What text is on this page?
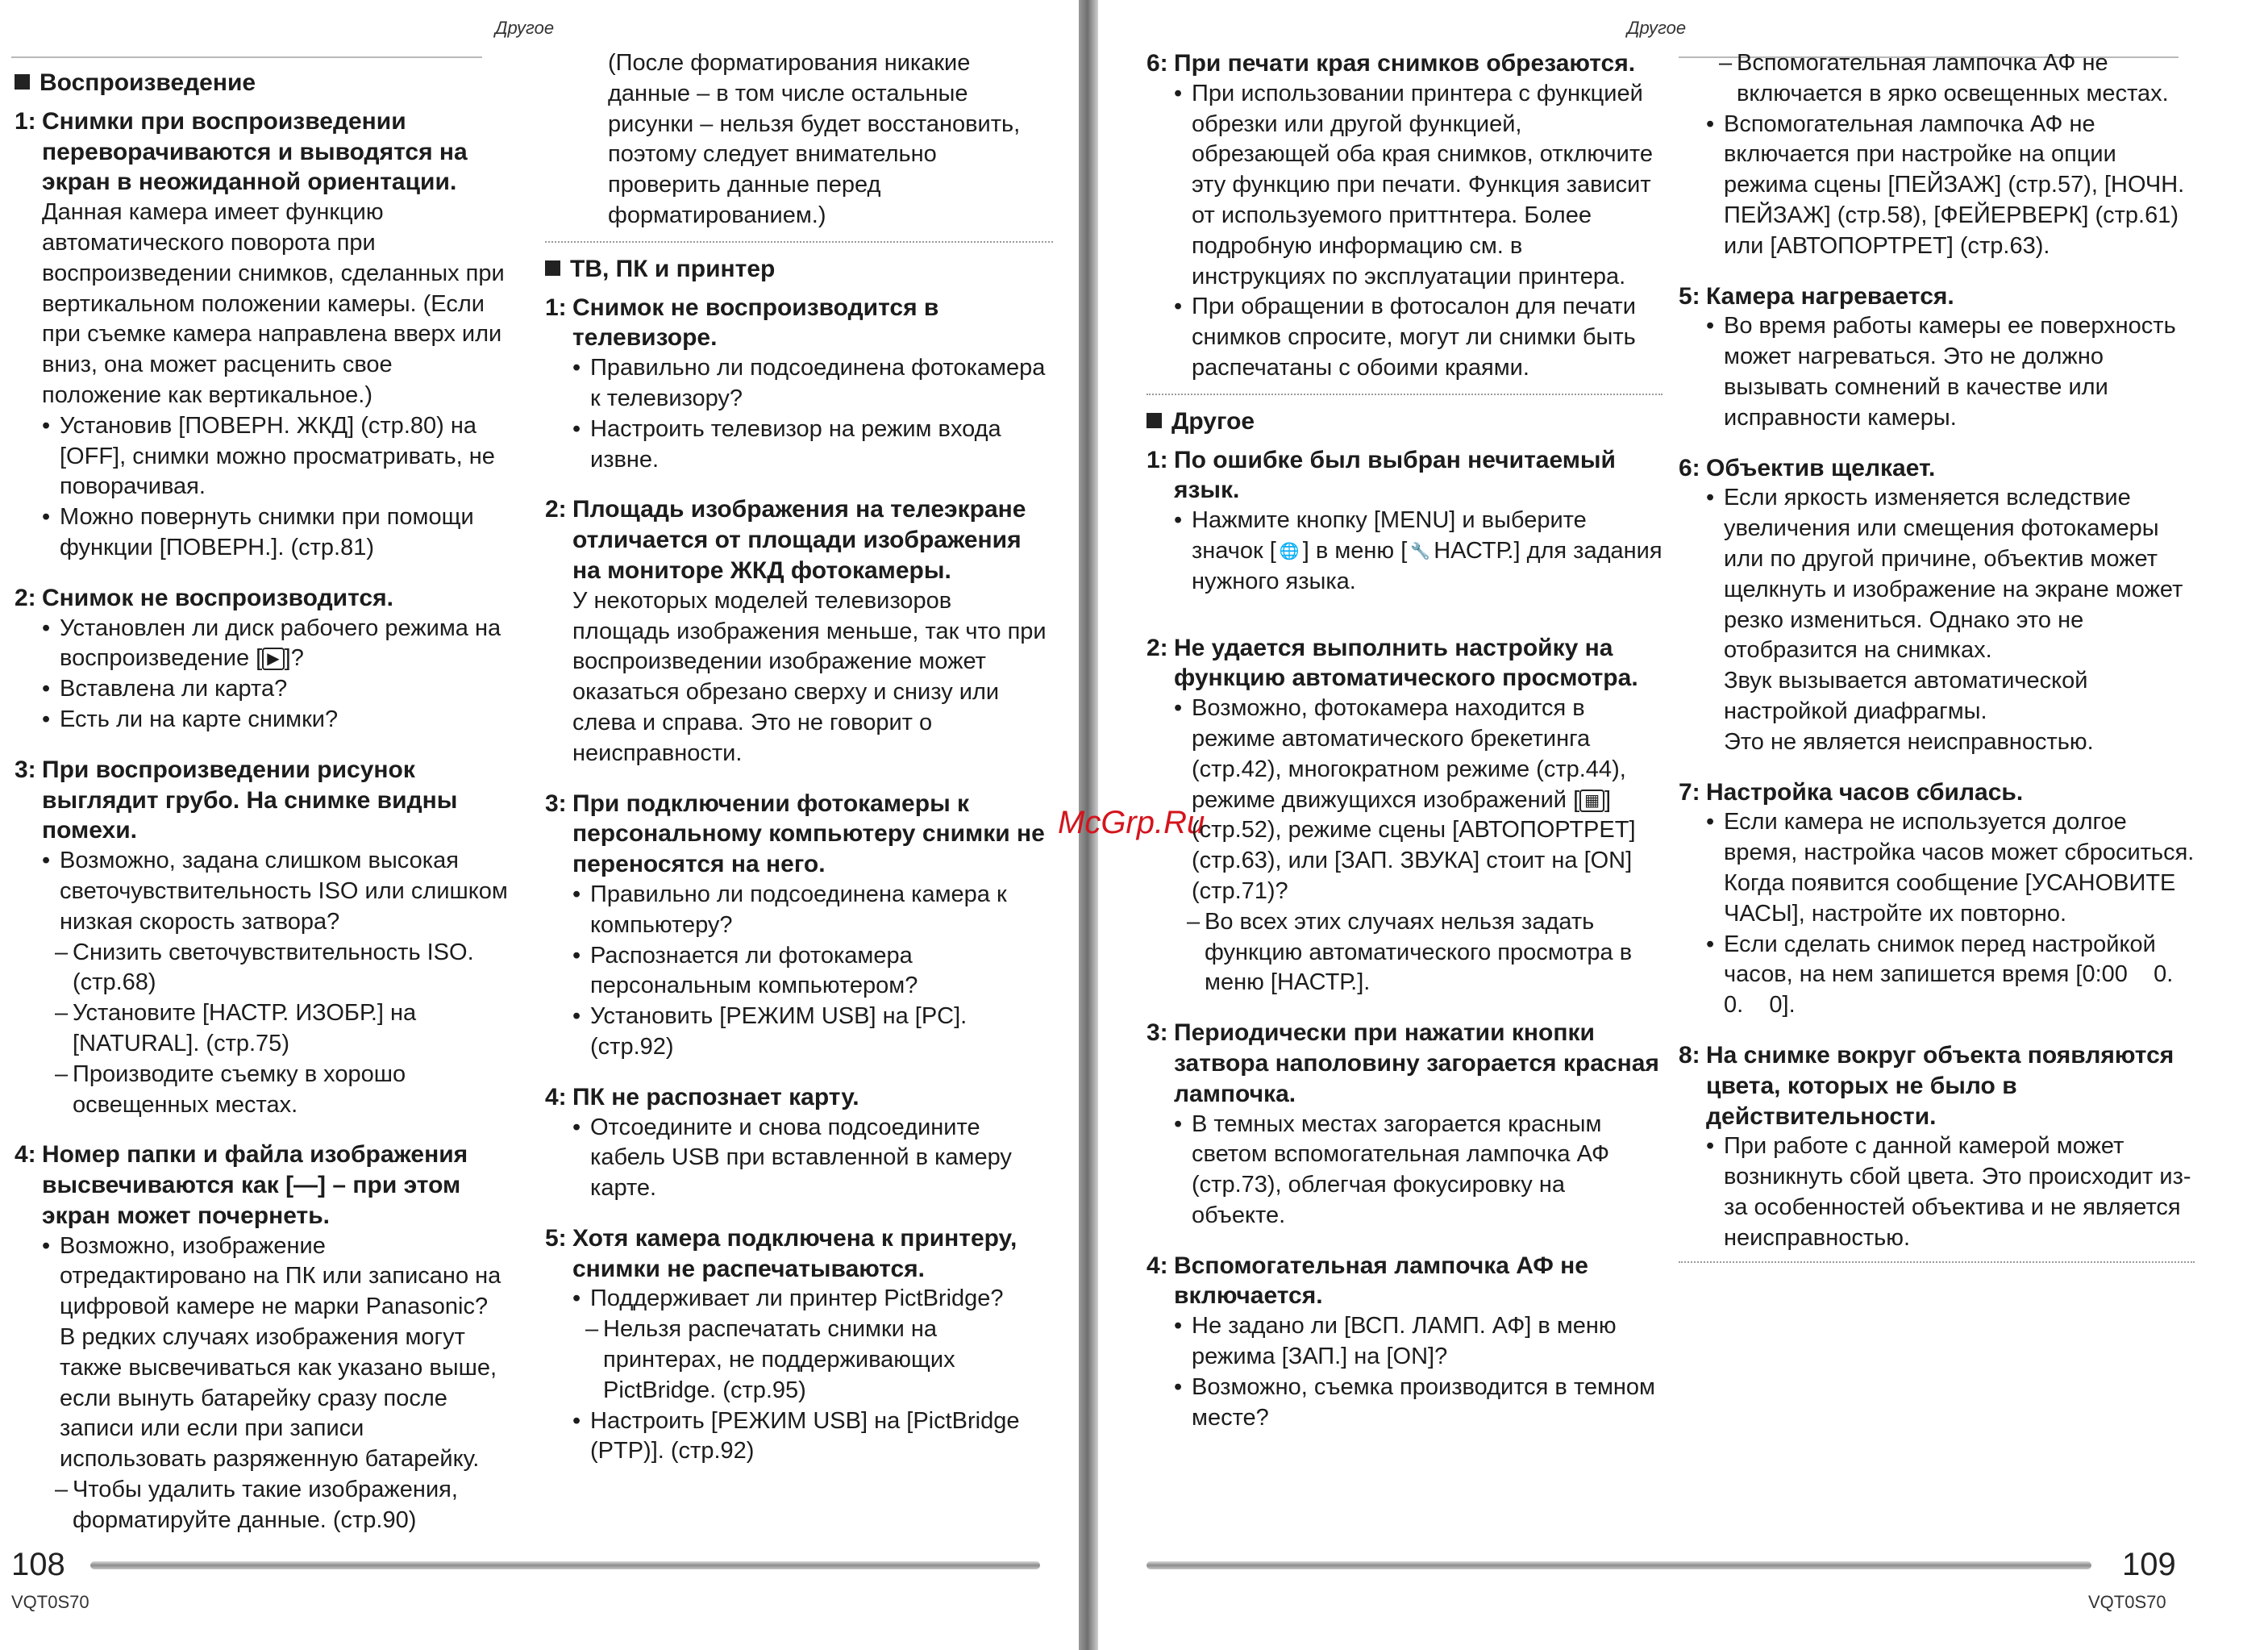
Другое	Другое
McGrp.Ru
Воспроизведение
1: Снимки при воспроизведении переворачиваются и выводятся на экран в неожиданной ориентации.
Данная камера имеет функцию автоматического поворота при воспроизведении снимков, сделанных при вертикальном положении камеры. (Если при съемке камера направлена вверх или вниз, она может расценить свое положение как вертикальное.)
• Установив [ПОВЕРН. ЖКД] (стр.80) на [OFF], снимки можно просматривать, не поворачивая.
• Можно повернуть снимки при помощи функции [ПОВЕРН.]. (стр.81)
2: Снимок не воспроизводится.
• Установлен ли диск рабочего режима на воспроизведение [ ▶ ]?
• Вставлена ли карта?
• Есть ли на карте снимки?
3: При воспроизведении рисунок выглядит грубо. На снимке видны помехи.
• Возможно, задана слишком высокая светочувствительность ISO или слишком низкая скорость затвора?
– Снизить светочувствительность ISO. (стр.68)
– Установите [НАСТР. ИЗОБР.] на [NATURAL]. (стр.75)
– Производите съемку в хорошо освещенных местах.
4: Номер папки и файла изображения высвечиваются как [—] – при этом экран может почернеть.
• Возможно, изображение отредактировано на ПК или записано на цифровой камере не марки Panasonic?
В редких случаях изображения могут также высвечиваться как указано выше, если вынуть батарейку сразу после записи или если при записи использовать разряженную батарейку.
– Чтобы удалить такие изображения, форматируйте данные. (стр.90)
(После форматирования никакие данные – в том числе остальные рисунки – нельзя будет восстановить, поэтому следует внимательно проверить данные перед форматированием.)
ТВ, ПК и принтер
1: Снимок не воспроизводится в телевизоре.
• Правильно ли подсоединена фотокамера к телевизору?
• Настроить телевизор на режим входа извне.
2: Площадь изображения на телеэкране отличается от площади изображения на мониторе ЖКД фотокамеры.
У некоторых моделей телевизоров площадь изображения меньше, так что при воспроизведении изображение может оказаться обрезано сверху и снизу или слева и справа. Это не говорит о неисправности.
3: При подключении фотокамеры к персональному компьютеру снимки не переносятся на него.
• Правильно ли подсоединена камера к компьютеру?
• Распознается ли фотокамера персональным компьютером?
• Установить [РЕЖИМ USB] на [PC]. (стр.92)
4: ПК не распознает карту.
• Отсоедините и снова подсоедините кабель USB при вставленной в камеру карте.
5: Хотя камера подключена к принтеру, снимки не распечатываются.
• Поддерживает ли принтер PictBridge?
– Нельзя распечатать снимки на принтерах, не поддерживающих PictBridge. (стр.95)
• Настроить [РЕЖИМ USB] на [PictBridge (PTP)]. (стр.92)
6: При печати края снимков обрезаются.
• При использовании принтера с функцией обрезки или другой функцией, обрезающей оба края снимков, отключите эту функцию при печати. Функция зависит от используемого приттнтера. Более подробную информацию см. в инструкциях по эксплуатации принтера.
• При обращении в фотосалон для печати снимков спросите, могут ли снимки быть распечатаны с обоими краями.
Другое
1: По ошибке был выбран нечитаемый язык.
• Нажмите кнопку [MENU] и выберите значок [ 🌐 ] в меню [ 🔧 НАСТР.] для задания нужного языка.
2: Не удается выполнить настройку на функцию автоматического просмотра.
• Возможно, фотокамера находится в режиме автоматического брекетинга (стр.42), многократном режиме (стр.44), режиме движущихся изображений [ ▦ ] (стр.52), режиме сцены [АВТОПОРТРЕТ] (стр.63), или [ЗАП. ЗВУКА] стоит на [ON] (стр.71)?
– Во всех этих случаях нельзя задать функцию автоматического просмотра в меню [НАСТР.].
3: Периодически при нажатии кнопки затвора наполовину загорается красная лампочка.
• В темных местах загорается красным светом вспомогательная лампочка АФ (стр.73), облегчая фокусировку на объекте.
4: Вспомогательная лампочка АФ не включается.
• Не задано ли [ВСП. ЛАМП. АФ] в меню режима [ЗАП.] на [ON]?
• Возможно, съемка производится в темном месте?
– Вспомогательная лампочка АФ не включается в ярко освещенных местах.
• Вспомогательная лампочка АФ не включается при настройке на опции режима сцены [ПЕЙЗАЖ] (стр.57), [НОЧН. ПЕЙЗАЖ] (стр.58), [ФЕЙЕРВЕРК] (стр.61) или [АВТОПОРТРЕТ] (стр.63).
5: Камера нагревается.
• Во время работы камеры ее поверхность может нагреваться. Это не должно вызывать сомнений в качестве или исправности камеры.
6: Объектив щелкает.
• Если яркость изменяется вследствие увеличения или смещения фотокамеры или по другой причине, объектив может щелкнуть и изображение на экране может резко измениться. Однако это не отобразится на снимках.
Звук вызывается автоматической настройкой диафрагмы.
Это не является неисправностью.
7: Настройка часов сбилась.
• Если камера не используется долгое время, настройка часов может сброситься. Когда появится сообщение [УСАНОВИТЕ ЧАСЫ], настройте их повторно.
• Если сделать снимок перед настройкой часов, на нем запишется время [0:00    0.  0.    0].
8: На снимке вокруг объекта появляются цвета, которых не было в действительности.
• При работе с данной камерой может возникнуть сбой цвета. Это происходит из-за особенностей объектива и не является неисправностью.
108
VQT0S70
109
VQT0S70
